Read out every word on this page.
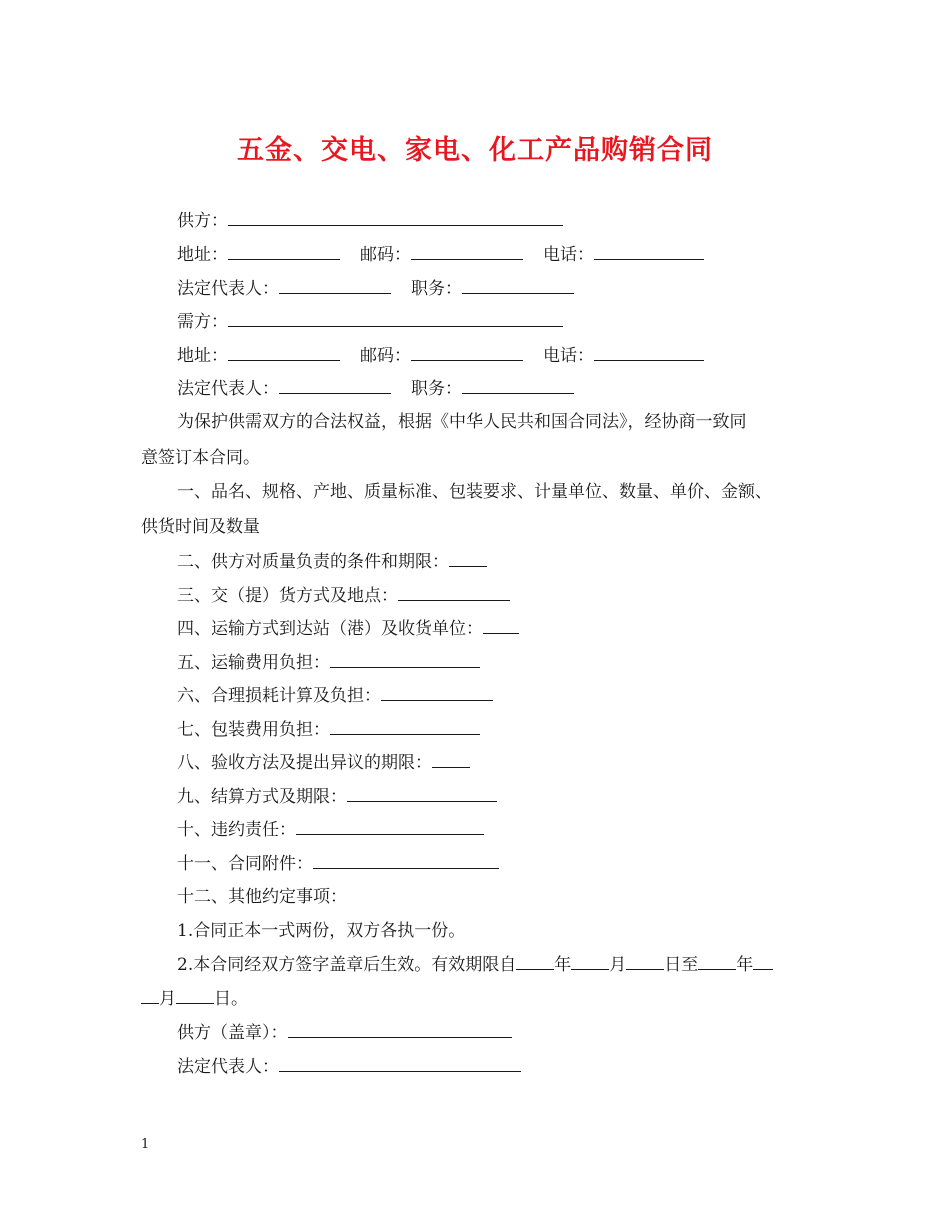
五金、交电、家电、化工产品购销合同
供方：
地址：	邮码：	电话：
法定代表人：	职务：
需方：
地址：	邮码：	电话：
法定代表人：	职务：
为保护供需双方的合法权益，根据《中华人民共和国合同法》，经协商一致同
意签订本合同。
一、品名、规格、产地、质量标准、包装要求、计量单位、数量、单价、金额、
供货时间及数量
二、供方对质量负责的条件和期限：
三、交（提）货方式及地点：
四、运输方式到达站（港）及收货单位：
五、运输费用负担：
六、合理损耗计算及负担：
七、包装费用负担：
八、验收方法及提出异议的期限：
九、结算方式及期限：
十、违约责任：
十一、合同附件：
十二、其他约定事项：
1.合同正本一式两份，双方各执一份。
2.本合同经双方签字盖章后生效。有效期限自 年 月 日至 年
月 日。
供方（盖章）：
法定代表人：
1
